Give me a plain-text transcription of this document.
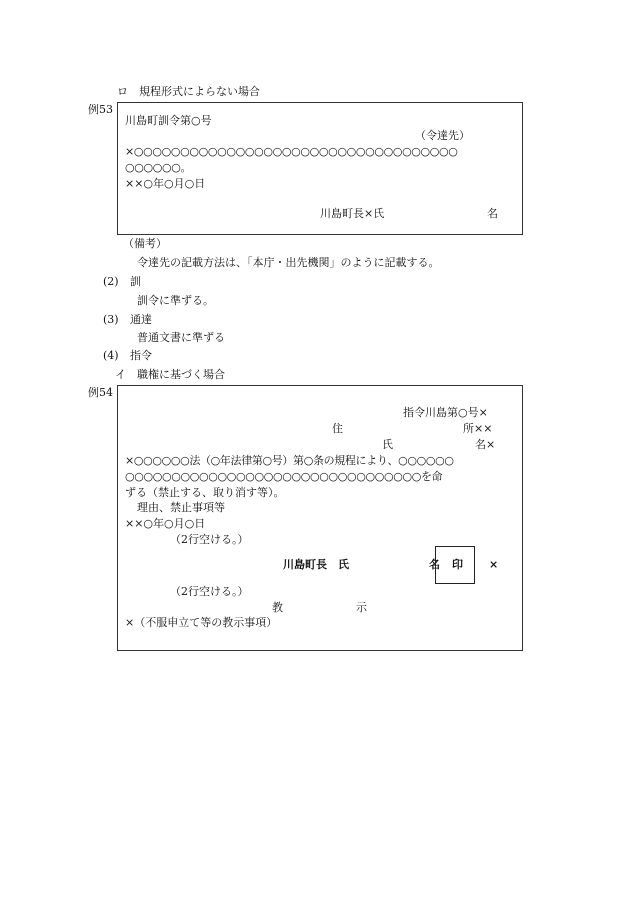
ロ　規程形式によらない場合
例53
川島町訓令第○号
（令達先）
×○○○○○○○○○○○○○○○○○○○○○○○○○○○○○○○○○○○
○○○○○○。
××○年○月○日
川島町長×氏	名
（備考）
令達先の記載方法は、「本庁・出先機関」のように記載する。
(2) 訓
訓令に準ずる。
(3) 通達
普通文書に準ずる
(4) 指令
イ　職権に基づく場合
例54
指令川島第○号×
住	所××
氏	名×
×○○○○○○法（○年法律第○号）第○条の規程により、○○○○○○
○○○○○○○○○○○○○○○○○○○○○○○○○○○○○○○○を命
ずる（禁止する、取り消す等）。
理由、禁止事項等
××○年○月○日
（2行空ける。）
川島町長　氏	名 印 ×
（2行空ける。）
教	示
×（不服申立て等の教示事項）
